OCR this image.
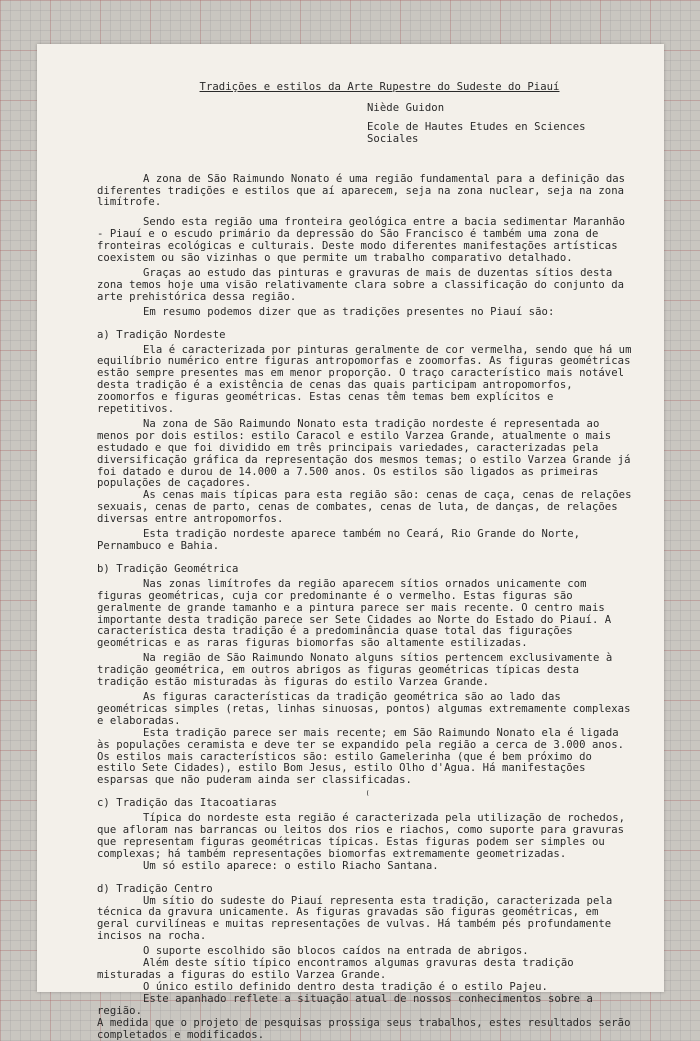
Tradições e estilos da Arte Rupestre do Sudeste do Piauí
Niède Guidon
Ecole de Hautes Etudes en Sciences Sociales

A zona de São Raimundo Nonato é uma região fundamental para a definição das diferentes tradições e estilos que aí aparecem, seja na zona nuclear, seja na zona limítrofe.

Sendo esta região uma fronteira geológica entre a bacia sedimentar Maranhão - Piauí e o escudo primário da depressão do São Francisco é também uma zona de fronteiras ecológicas e culturais. Deste modo diferentes manifestações artísticas coexistem ou são vizinhas o que permite um trabalho comparativo detalhado.

Graças ao estudo das pinturas e gravuras de mais de duzentas sítios desta zona temos hoje uma visão relativamente clara sobre a classificação do conjunto da arte prehistórica dessa região.

Em resumo podemos dizer que as tradições presentes no Piauí são:

a) Tradição Nordeste

Ela é caracterizada por pinturas geralmente de cor vermelha, sendo que há um equilíbrio numérico entre figuras antropomorfas e zoomorfas. As figuras geométricas estão sempre presentes mas em menor proporção. O traço característico mais notável desta tradição é a existência de cenas das quais participam antropomorfos, zoomorfos e figuras geométricas. Estas cenas têm temas bem explícitos e repetitivos.

Na zona de São Raimundo Nonato esta tradição nordeste é representada ao menos por dois estilos: estilo Caracol e estilo Varzea Grande, atualmente o mais estudado e que foi dividido em três principais variedades, caracterizadas pela diversificação gráfica da representação dos mesmos temas; o estilo Varzea Grande já foi datado e durou de 14.000 a 7.500 anos. Os estilos são ligados as primeiras populações de caçadores.

As cenas mais típicas para esta região são: cenas de caça, cenas de relações sexuais, cenas de parto, cenas de combates, cenas de luta, de danças, de relações diversas entre antropomorfos.

Esta tradição nordeste aparece também no Ceará, Rio Grande do Norte, Pernambuco e Bahia.

b) Tradição Geométrica

Nas zonas limítrofes da região aparecem sítios ornados unicamente com figuras geométricas, cuja cor predominante é o vermelho. Estas figuras são geralmente de grande tamanho e a pintura parece ser mais recente. O centro mais importante desta tradição parece ser Sete Cidades ao Norte do Estado do Piauí. A característica desta tradição é a predominância quase total das figurações geométricas e as raras figuras biomorfas são altamente estilizadas.

Na região de São Raimundo Nonato alguns sítios pertencem exclusivamente à tradição geométrica, em outros abrigos as figuras geométricas típicas desta tradição estão misturadas às figuras do estilo Varzea Grande.

As figuras características da tradição geométrica são ao lado das geométricas simples (retas, linhas sinuosas, pontos) algumas extremamente complexas e elaboradas.

Esta tradição parece ser mais recente; em São Raimundo Nonato ela é ligada às populações ceramista e deve ter se expandido pela região a cerca de 3.000 anos. Os estilos mais característicos são: estilo Gamelerinha (que é bem próximo do estilo Sete Cidades), estilo Bom Jesus, estilo Olho d'Agua. Há manifestações esparsas que não puderam ainda ser classificadas.

c) Tradição das Itacoatiaras

Típica do nordeste esta região é caracterizada pela utilização de rochedos, que afloram nas barrancas ou leitos dos rios e riachos, como suporte para gravuras que representam figuras geométricas típicas. Estas figuras podem ser simples ou complexas; há também representações biomorfas extremamente geometrizadas.

Um só estilo aparece: o estilo Riacho Santana.

d) Tradição Centro

Um sítio do sudeste do Piauí representa esta tradição, caracterizada pela técnica da gravura unicamente. As figuras gravadas são figuras geométricas, em geral curvilíneas e muitas representações de vulvas. Há também pés profundamente incisos na rocha.

O suporte escolhido são blocos caídos na entrada de abrigos.

Além deste sítio típico encontramos algumas gravuras desta tradição misturadas a figuras do estilo Varzea Grande.

O único estilo definido dentro desta tradição é o estilo Pajeu.

Este apanhado reflete a situação atual de nossos conhecimentos sobre a região.

A medida que o projeto de pesquisas prossiga seus trabalhos, estes resultados serão completados e modificados.
